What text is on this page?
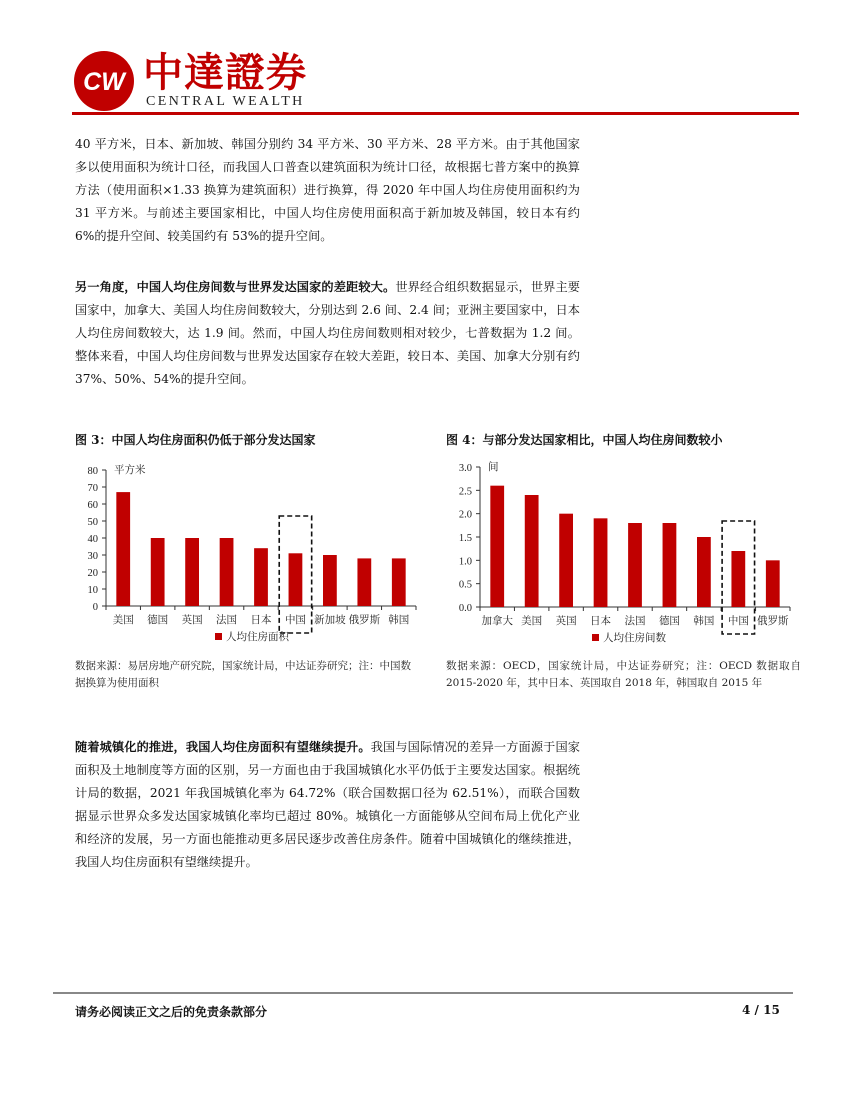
CW 中達證券
CENTRAL WEALTH
40 平方米，日本、新加坡、韩国分别约 34 平方米、30 平方米、28 平方米。由于其他国家多以使用面积为统计口径，而我国人口普查以建筑面积为统计口径，故根据七普方案中的换算方法（使用面积×1.33 换算为建筑面积）进行换算，得 2020 年中国人均住房使用面积约为 31 平方米。与前述主要国家相比，中国人均住房使用面积高于新加坡及韩国，较日本有约 6%的提升空间、较美国约有 53%的提升空间。
另一角度，中国人均住房间数与世界发达国家的差距较大。世界经合组织数据显示，世界主要国家中，加拿大、美国人均住房间数较大，分别达到 2.6 间、2.4 间；亚洲主要国家中，日本人均住房间数较大，达 1.9 间。然而，中国人均住房间数则相对较少，七普数据为 1.2 间。整体来看，中国人均住房间数与世界发达国家存在较大差距，较日本、美国、加拿大分别有约 37%、50%、54%的提升空间。
图 3：中国人均住房面积仍低于部分发达国家	图 4：与部分发达国家相比，中国人均住房间数较小
0
10
20
30
40
50
60
70
80 平方米
美国 德国 英国 法国 日本 中国 新加坡 俄罗斯 韩国
人均住房面积
0.0
0.5
1.0
1.5
2.0
2.5
3.0 间
加拿大 美国 英国 日本 法国 德国 韩国 中国 俄罗斯
人均住房间数
数据来源：易居房地产研究院，国家统计局，中达证券研究；注：中国数据换算为使用面积
数据来源：OECD，国家统计局，中达证券研究；注：OECD 数据取自 2015-2020 年，其中日本、英国取自 2018 年，韩国取自 2015 年
随着城镇化的推进，我国人均住房面积有望继续提升。我国与国际情况的差异一方面源于国家面积及土地制度等方面的区别，另一方面也由于我国城镇化水平仍低于主要发达国家。根据统计局的数据，2021 年我国城镇化率为 64.72%（联合国数据口径为 62.51%），而联合国数据显示世界众多发达国家城镇化率均已超过 80%。城镇化一方面能够从空间布局上优化产业和经济的发展，另一方面也能推动更多居民逐步改善住房条件。随着中国城镇化的继续推进，我国人均住房面积有望继续提升。
请务必阅读正文之后的免责条款部分	4 / 15
